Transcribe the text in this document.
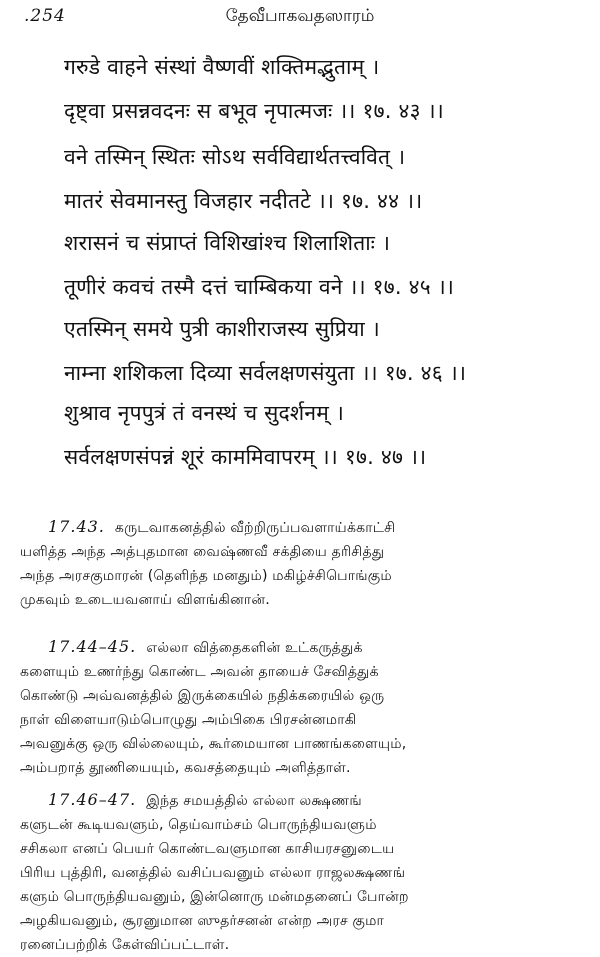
.254	தேவீபாகவதஸாரம்
गरुडे वाहने संस्थां वैष्णवीं शक्तिमद्भुताम् ।
दृष्ट्वा प्रसन्नवदनः स बभूव नृपात्मजः ।। १७. ४३ ।।
वने तस्मिन् स्थितः सोऽथ सर्वविद्यार्थतत्त्ववित् ।
मातरं सेवमानस्तु विजहार नदीतटे ।। १७. ४४ ।।
शरासनं च संप्राप्तं विशिखांश्च शिलाशिताः ।
तूणीरं कवचं तस्मै दत्तं चाम्बिकया वने ।। १७. ४५ ।।
एतस्मिन् समये पुत्री काशीराजस्य सुप्रिया ।
नाम्ना शशिकला दिव्या सर्वलक्षणसंयुता ।। १७. ४६ ।।
शुश्राव नृपपुत्रं तं वनस्थं च सुदर्शनम् ।
सर्वलक्षणसंपन्नं शूरं काममिवापरम् ।। १७. ४७ ।।
17.43. கருடவாகனத்தில் வீற்றிருப்பவளாய்க்காட்சி
யளித்த அந்த அத்புதமான வைஷ்ணவீ சக்தியை தரிசித்து
அந்த அரசகுமாரன் (தெளிந்த மனதும்) மகிழ்ச்சிபொங்கும்
முகவும் உடையவனாய் விளங்கினான்.
17.44–45. எல்லா வித்தைகளின் உட்கருத்துக்
களையும் உணர்ந்து கொண்ட அவன் தாயைச் சேவித்துக்
கொண்டு அவ்வனத்தில் இருக்கையில் நதிக்கரையில் ஒரு
நாள் விளையாடும்பொழுது அம்பிகை பிரசன்னமாகி
அவனுக்கு ஒரு வில்லையும், கூர்மையான பாணங்களையும்,
அம்பறாத் தூணியையும், கவசத்தையும் அளித்தாள்.
17.46–47. இந்த சமயத்தில் எல்லா லக்ஷணங்
களுடன் கூடியவளும், தெய்வாம்சம் பொருந்தியவளும்
சசிகலா எனப் பெயர் கொண்டவளுமான காசியரசனுடைய
பிரிய புத்திரி, வனத்தில் வசிப்பவனும் எல்லா ராஜலக்ஷணங்
களும் பொருந்தியவனும், இன்னொரு மன்மதனைப் போன்ற
அழகியவனும், சூரனுமான ஸுதர்சனன் என்ற அரச குமா
ரனைப்பற்றிக் கேள்விப்பட்டாள்.
